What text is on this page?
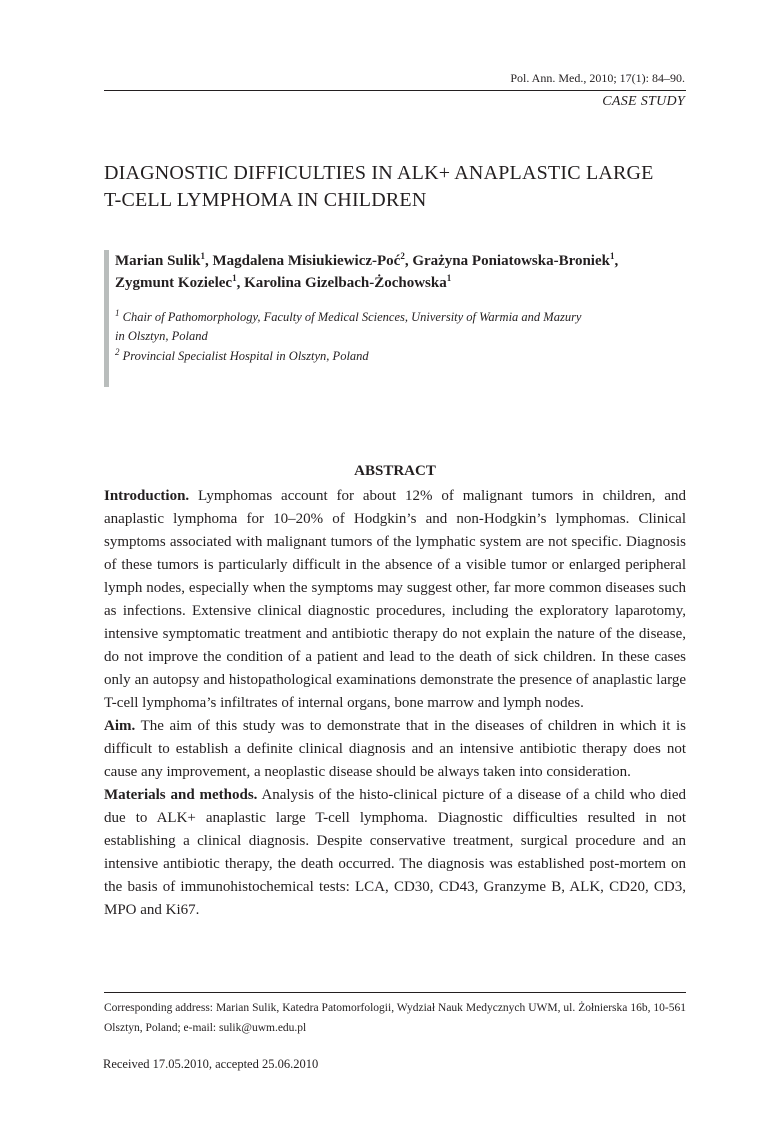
Pol. Ann. Med., 2010; 17(1): 84–90.
CASE STUDY
DIAGNOSTIC DIFFICULTIES IN ALK+ ANAPLASTIC LARGE
T-CELL LYMPHOMA IN CHILDREN

Marian Sulik$^1$, Magdalena Misiukiewicz-Poć$^2$, Grażyna Poniatowska-Broniek$^1$,
Zygmunt Kozielec$^1$, Karolina Gizelbach-Żochowska$^1$

$^1$ Chair of Pathomorphology, Faculty of Medical Sciences, University of Warmia and Mazury
in Olsztyn, Poland

$^2$ Provincial Specialist Hospital in Olsztyn, Poland

ABSTRACT

Introduction. Lymphomas account for about 12% of malignant tumors in children, and anaplastic lymphoma for 10–20% of Hodgkin’s and non-Hodgkin’s lymphomas. Clinical symptoms associated with malignant tumors of the lymphatic system are not specific. Diagnosis of these tumors is particularly difficult in the absence of a visible tumor or enlarged peripheral lymph nodes, especially when the symptoms may suggest other, far more common diseases such as infections. Extensive clinical diagnostic procedures, including the exploratory laparotomy, intensive symptomatic treatment and antibiotic therapy do not explain the nature of the disease, do not improve the condition of a patient and lead to the death of sick children. In these cases only an autopsy and histopathological examinations demonstrate the presence of anaplastic large T-cell lymphoma’s infiltrates of internal organs, bone marrow and lymph nodes.

Aim. The aim of this study was to demonstrate that in the diseases of children in which it is difficult to establish a definite clinical diagnosis and an intensive antibiotic therapy does not cause any improvement, a neoplastic disease should be always taken into consideration.

Materials and methods. Analysis of the histo-clinical picture of a disease of a child who died due to ALK+ anaplastic large T-cell lymphoma. Diagnostic difficulties resulted in not establishing a clinical diagnosis. Despite conservative treatment, surgical procedure and an intensive antibiotic therapy, the death occurred. The diagnosis was established post-mortem on the basis of immunohistochemical tests: LCA, CD30, CD43, Granzyme B, ALK, CD20, CD3, MPO and Ki67.

Corresponding address: Marian Sulik, Katedra Patomorfologii, Wydział Nauk Medycznych UWM, ul. Żołnierska 16b, 10-561 Olsztyn, Poland; e-mail: sulik@uwm.edu.pl

Received 17.05.2010, accepted 25.06.2010
